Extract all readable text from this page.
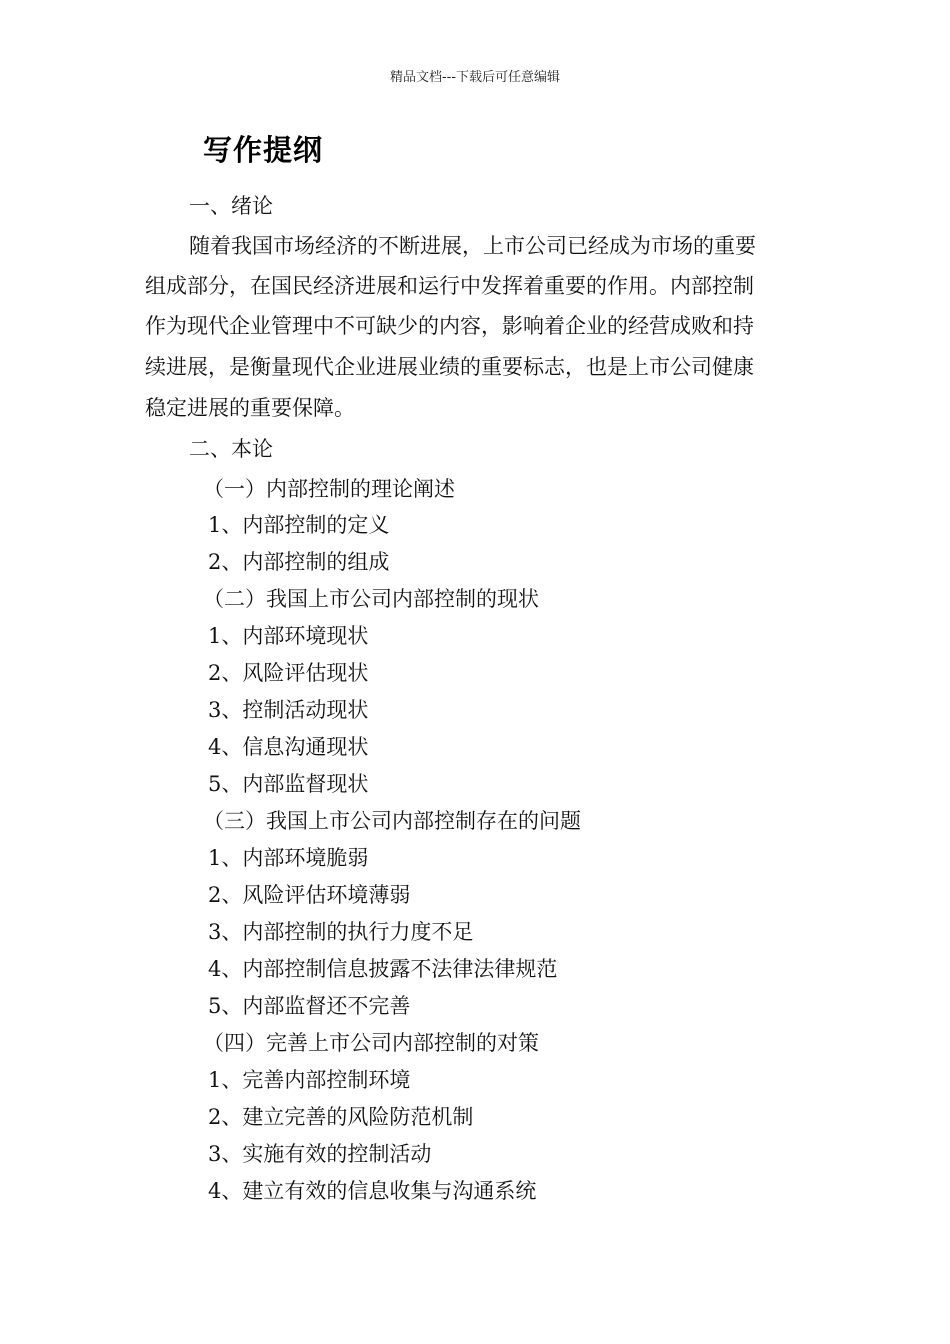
精品文档---下载后可任意编辑
写作提纲
一、绪论
随着我国市场经济的不断进展，上市公司已经成为市场的重要
组成部分，在国民经济进展和运行中发挥着重要的作用。内部控制
作为现代企业管理中不可缺少的内容，影响着企业的经营成败和持
续进展，是衡量现代企业进展业绩的重要标志，也是上市公司健康
稳定进展的重要保障。
二、本论
（一）内部控制的理论阐述
1、内部控制的定义
2、内部控制的组成
（二）我国上市公司内部控制的现状
1、内部环境现状
2、风险评估现状
3、控制活动现状
4、信息沟通现状
5、内部监督现状
（三）我国上市公司内部控制存在的问题
1、内部环境脆弱
2、风险评估环境薄弱
3、内部控制的执行力度不足
4、内部控制信息披露不法律法律规范
5、内部监督还不完善
（四）完善上市公司内部控制的对策
1、完善内部控制环境
2、建立完善的风险防范机制
3、实施有效的控制活动
4、建立有效的信息收集与沟通系统
